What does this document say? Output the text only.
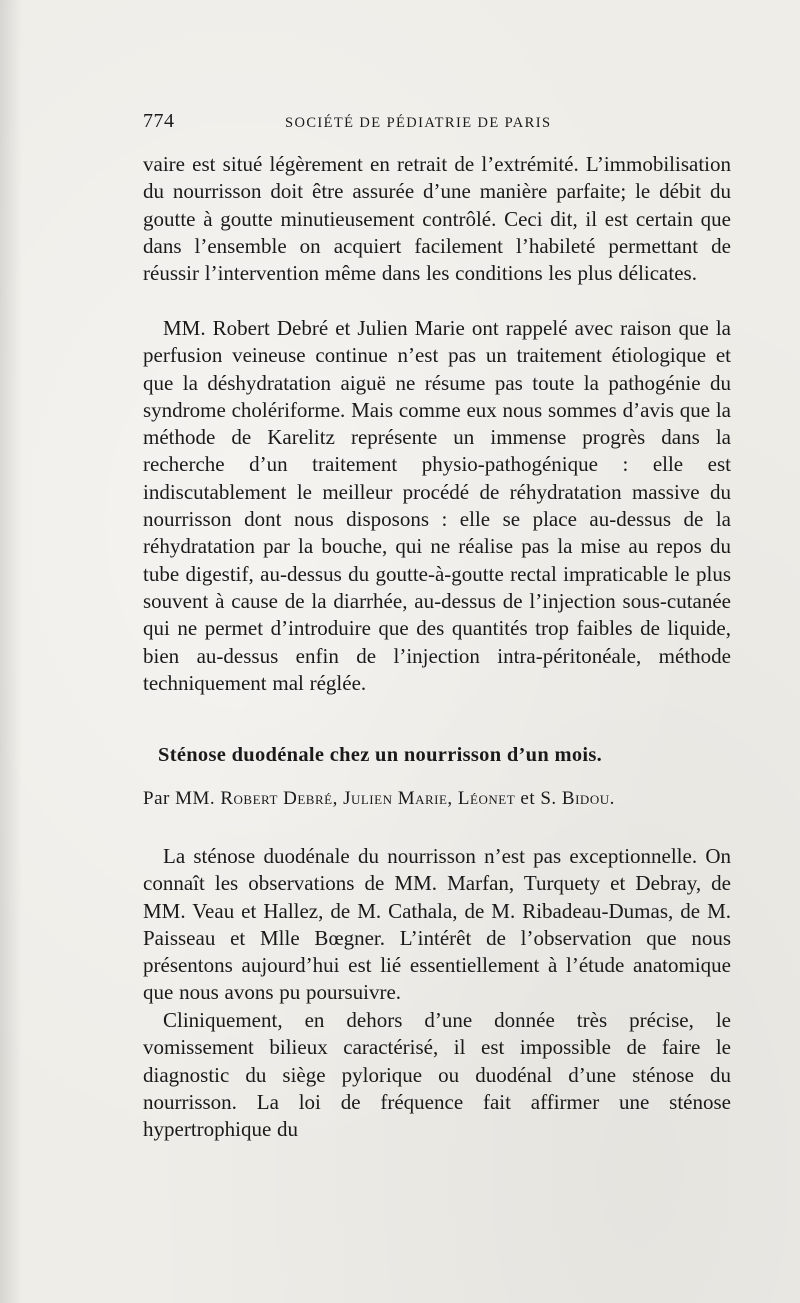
774	SOCIÉTÉ DE PÉDIATRIE DE PARIS

vaire est situé légèrement en retrait de l’extrémité. L’immobilisation du nourrisson doit être assurée d’une manière parfaite; le débit du goutte à goutte minutieusement contrôlé. Ceci dit, il est certain que dans l’ensemble on acquiert facilement l’habileté permettant de réussir l’intervention même dans les conditions les plus délicates.

MM. Robert Debré et Julien Marie ont rappelé avec raison que la perfusion veineuse continue n’est pas un traitement étiologique et que la déshydratation aiguë ne résume pas toute la pathogénie du syndrome cholériforme. Mais comme eux nous sommes d’avis que la méthode de Karelitz représente un immense progrès dans la recherche d’un traitement physio-pathogénique : elle est indiscutablement le meilleur procédé de réhydratation massive du nourrisson dont nous disposons : elle se place au-dessus de la réhydratation par la bouche, qui ne réalise pas la mise au repos du tube digestif, au-dessus du goutte-à-goutte rectal impraticable le plus souvent à cause de la diarrhée, au-dessus de l’injection sous-cutanée qui ne permet d’introduire que des quantités trop faibles de liquide, bien au-dessus enfin de l’injection intra-péritonéale, méthode techniquement mal réglée.

Sténose duodénale chez un nourrisson d’un mois.
Par MM. Robert Debré, Julien Marie, Léonet et S. Bidou.

La sténose duodénale du nourrisson n’est pas exceptionnelle. On connaît les observations de MM. Marfan, Turquety et Debray, de MM. Veau et Hallez, de M. Cathala, de M. Ribadeau-Dumas, de M. Paisseau et Mlle Bœgner. L’intérêt de l’observation que nous présentons aujourd’hui est lié essentiellement à l’étude anatomique que nous avons pu poursuivre.

Cliniquement, en dehors d’une donnée très précise, le vomissement bilieux caractérisé, il est impossible de faire le diagnostic du siège pylorique ou duodénal d’une sténose du nourrisson. La loi de fréquence fait affirmer une sténose hypertrophique du
